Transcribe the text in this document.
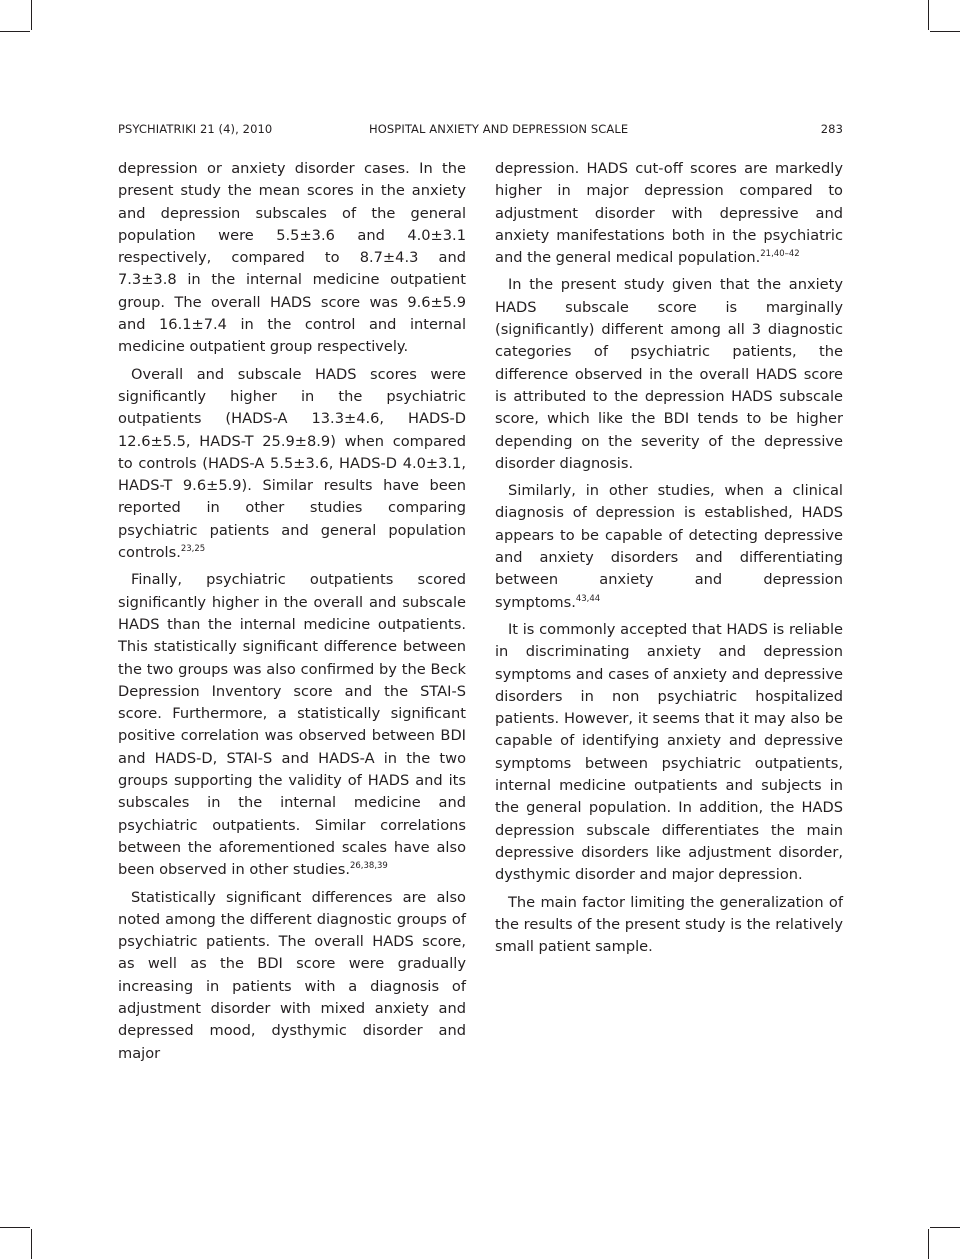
PSYCHIATRIKI 21 (4), 2010	HOSPITAL ANXIETY AND DEPRESSION SCALE	283

depression or anxiety disorder cases. In the present study the mean scores in the anxiety and depression subscales of the general population were 5.5±3.6 and 4.0±3.1 respectively, compared to 8.7±4.3 and 7.3±3.8 in the internal medicine outpatient group. The overall HADS score was 9.6±5.9 and 16.1±7.4 in the control and internal medicine outpatient group respectively.

Overall and subscale HADS scores were significantly higher in the psychiatric outpatients (HADS-A 13.3±4.6, HADS-D 12.6±5.5, HADS-T 25.9±8.9) when compared to controls (HADS-A 5.5±3.6, HADS-D 4.0±3.1, HADS-T 9.6±5.9). Similar results have been reported in other studies comparing psychiatric patients and general population controls.$^{23,25}$

Finally, psychiatric outpatients scored significantly higher in the overall and subscale HADS than the internal medicine outpatients. This statistically significant difference between the two groups was also confirmed by the Beck Depression Inventory score and the STAI-S score. Furthermore, a statistically significant positive correlation was observed between BDI and HADS-D, STAI-S and HADS-A in the two groups supporting the validity of HADS and its subscales in the internal medicine and psychiatric outpatients. Similar correlations between the aforementioned scales have also been observed in other studies.$^{26,38,39}$

Statistically significant differences are also noted among the different diagnostic groups of psychiatric patients. The overall HADS score, as well as the BDI score were gradually increasing in patients with a diagnosis of adjustment disorder with mixed anxiety and depressed mood, dysthymic disorder and major

depression. HADS cut-off scores are markedly higher in major depression compared to adjustment disorder with depressive and anxiety manifestations both in the psychiatric and the general medical population.$^{21,40-42}$

In the present study given that the anxiety HADS subscale score is marginally (significantly) different among all 3 diagnostic categories of psychiatric patients, the difference observed in the overall HADS score is attributed to the depression HADS subscale score, which like the BDI tends to be higher depending on the severity of the depressive disorder diagnosis.

Similarly, in other studies, when a clinical diagnosis of depression is established, HADS appears to be capable of detecting depressive and anxiety disorders and differentiating between anxiety and depression symptoms.$^{43,44}$

It is commonly accepted that HADS is reliable in discriminating anxiety and depression symptoms and cases of anxiety and depressive disorders in non psychiatric hospitalized patients. However, it seems that it may also be capable of identifying anxiety and depressive symptoms between psychiatric outpatients, internal medicine outpatients and subjects in the general population. In addition, the HADS depression subscale differentiates the main depressive disorders like adjustment disorder, dysthymic disorder and major depression.

The main factor limiting the generalization of the results of the present study is the relatively small patient sample.
